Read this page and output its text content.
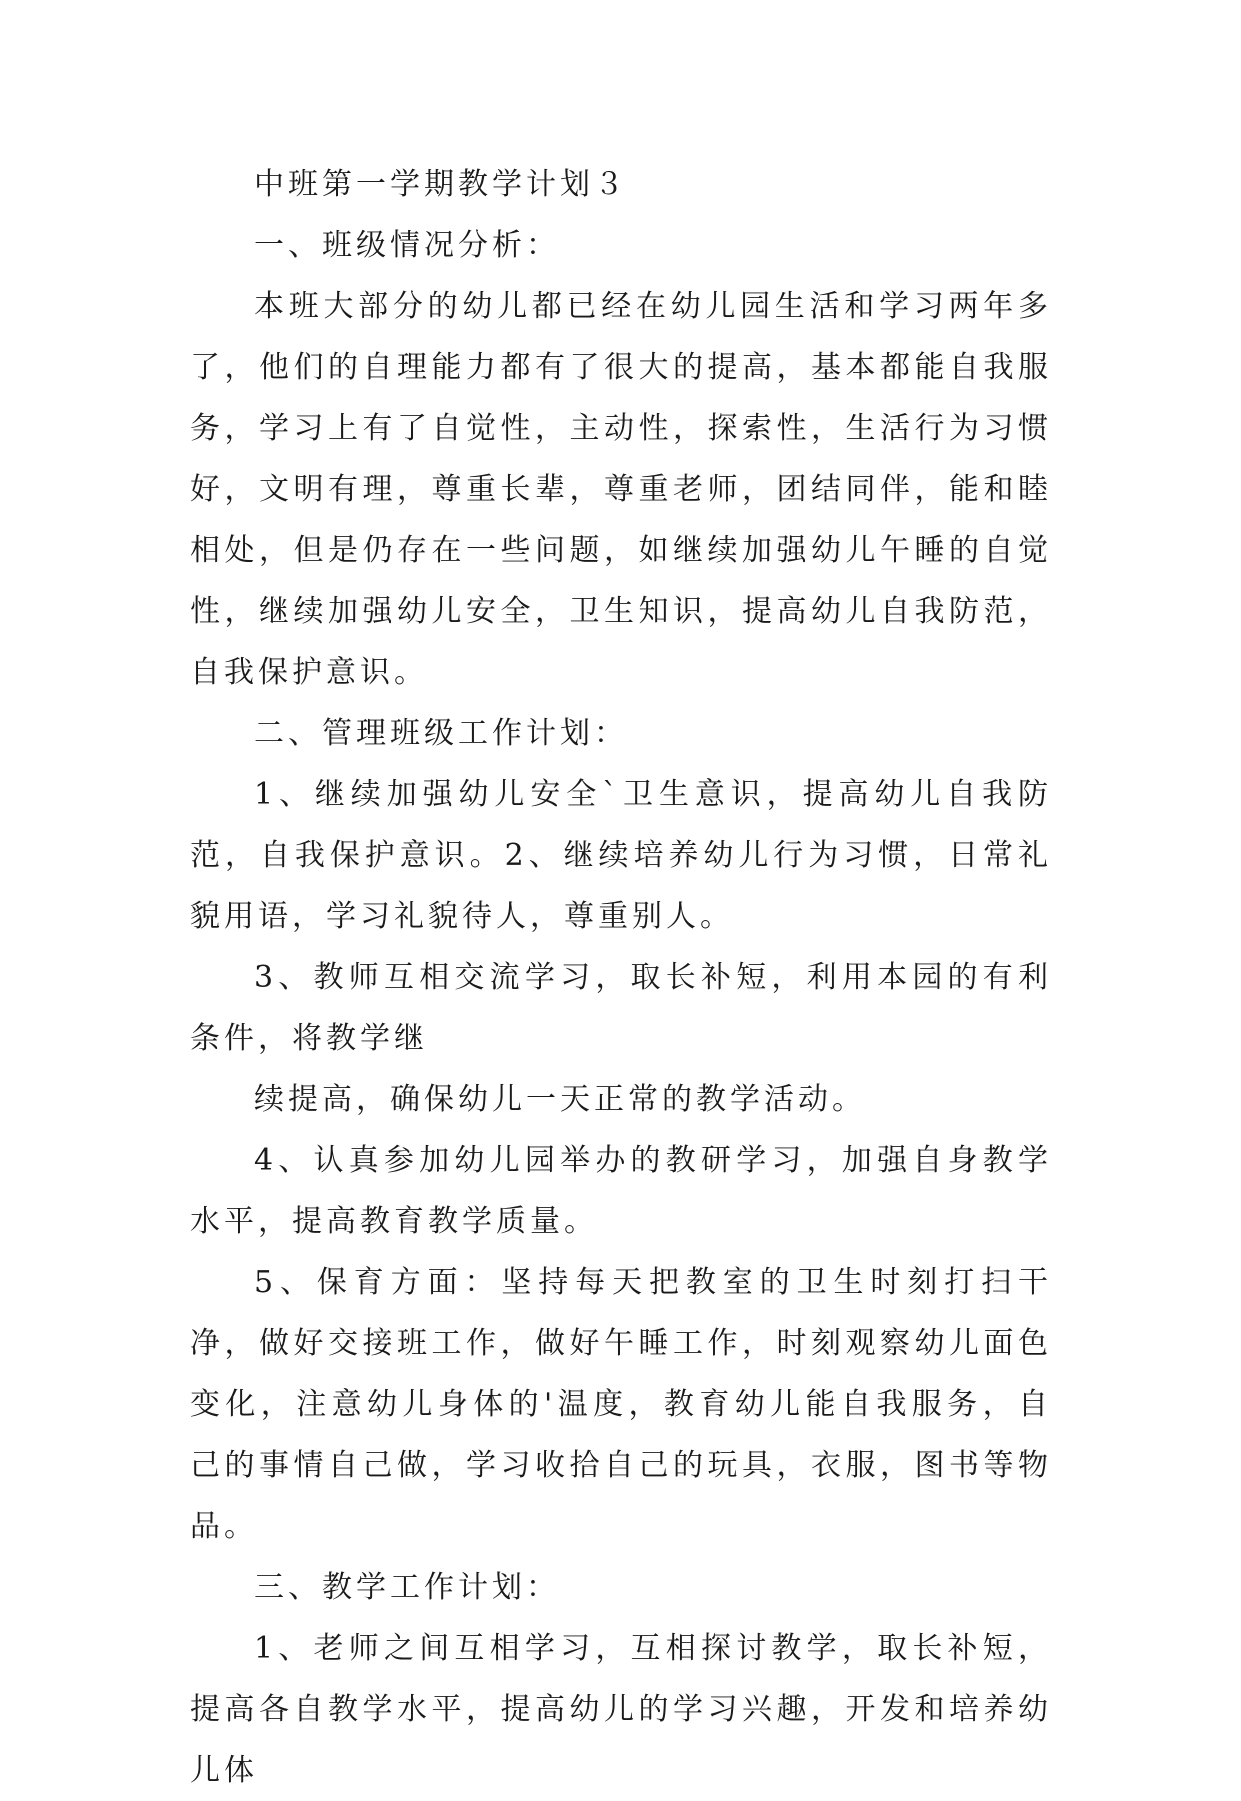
中班第一学期教学计划３

一、班级情况分析：

本班大部分的幼儿都已经在幼儿园生活和学习两年多了，他们的自理能力都有了很大的提高，基本都能自我服务，学习上有了自觉性，主动性，探索性，生活行为习惯好，文明有理，尊重长辈，尊重老师，团结同伴，能和睦相处，但是仍存在一些问题，如继续加强幼儿午睡的自觉性，继续加强幼儿安全，卫生知识，提高幼儿自我防范，自我保护意识。

二、管理班级工作计划：

1、继续加强幼儿安全`卫生意识，提高幼儿自我防范，自我保护意识。2、继续培养幼儿行为习惯，日常礼貌用语，学习礼貌待人，尊重别人。

3、教师互相交流学习，取长补短，利用本园的有利条件，将教学继

续提高，确保幼儿一天正常的教学活动。

4、认真参加幼儿园举办的教研学习，加强自身教学水平，提高教育教学质量。

5、保育方面：坚持每天把教室的卫生时刻打扫干净，做好交接班工作，做好午睡工作，时刻观察幼儿面色变化，注意幼儿身体的'温度，教育幼儿能自我服务，自己的事情自己做，学习收拾自己的玩具，衣服，图书等物品。

三、教学工作计划：

1、老师之间互相学习，互相探讨教学，取长补短，提高各自教学水平，提高幼儿的学习兴趣，开发和培养幼儿体
